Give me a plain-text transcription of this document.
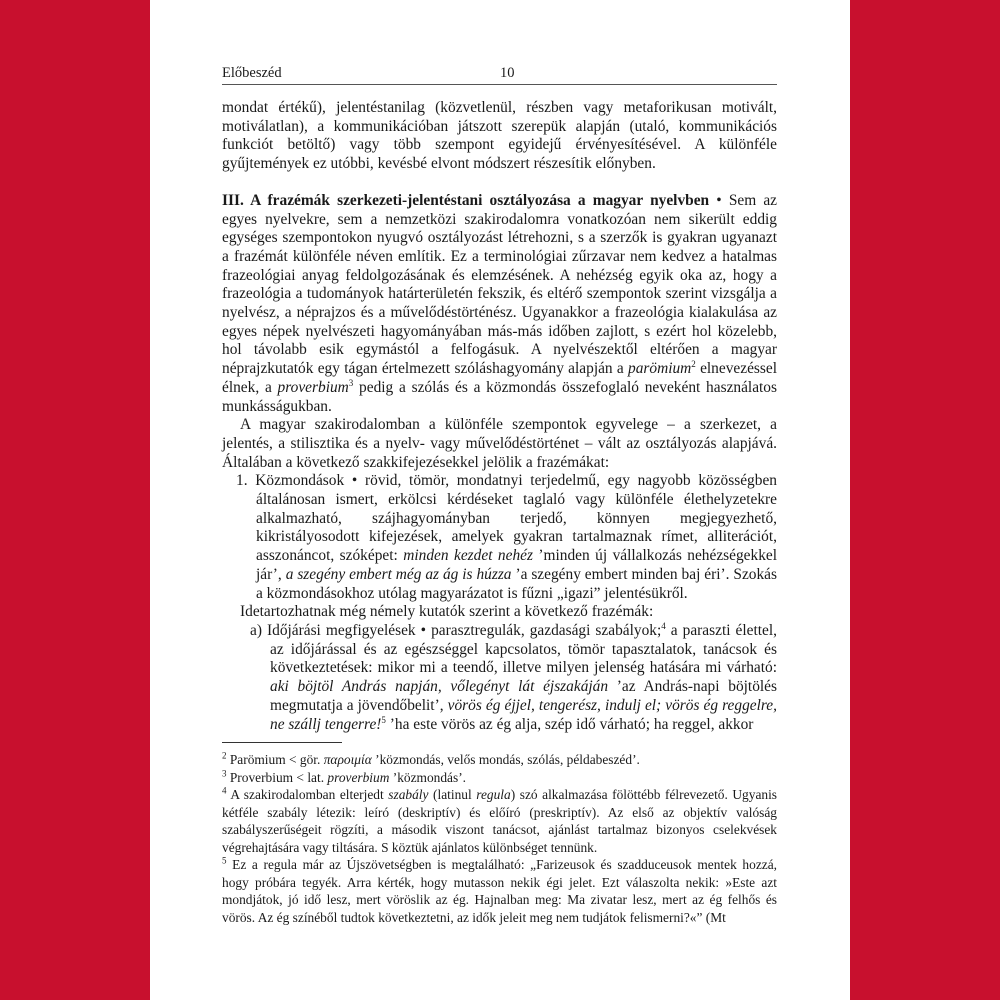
Előbeszéd	10

mondat értékű), jelentéstanilag (közvetlenül, részben vagy metaforikusan motivált, motiválatlan), a kommunikációban játszott szerepük alapján (utaló, kommunikációs funkciót betöltő) vagy több szempont egyidejű érvényesítésével. A különféle gyűjtemények ez utóbbi, kevésbé elvont módszert részesítik előnyben.

III. A frazémák szerkezeti-jelentéstani osztályozása a magyar nyelvben • Sem az egyes nyelvekre, sem a nemzetközi szakirodalomra vonatkozóan nem sikerült eddig egységes szempontokon nyugvó osztályozást létrehozni, s a szerzők is gyakran ugyanazt a frazémát különféle néven említik. Ez a terminológiai zűrzavar nem kedvez a hatalmas frazeológiai anyag feldolgozásának és elemzésének. A nehézség egyik oka az, hogy a frazeológia a tudományok határterületén fekszik, és eltérő szempontok szerint vizsgálja a nyelvész, a néprajzos és a művelődéstörténész. Ugyanakkor a frazeológia kialakulása az egyes népek nyelvészeti hagyományában más-más időben zajlott, s ezért hol közelebb, hol távolabb esik egymástól a felfogásuk. A nyelvészektől eltérően a magyar néprajzkutatók egy tágan értelmezett szóláshagyomány alapján a parömium$^2$ elnevezéssel élnek, a proverbium$^3$ pedig a szólás és a közmondás összefoglaló neveként használatos munkásságukban.

A magyar szakirodalomban a különféle szempontok egyvelege – a szerkezet, a jelentés, a stilisztika és a nyelv- vagy művelődéstörténet – vált az osztályozás alapjává. Általában a következő szakkifejezésekkel jelölik a frazémákat:

1. Közmondások • rövid, tömör, mondatnyi terjedelmű, egy nagyobb közösségben általánosan ismert, erkölcsi kérdéseket taglaló vagy különféle élethelyzetekre alkalmazható, szájhagyományban terjedő, könnyen megjegyezhető, kikristályosodott kifejezések, amelyek gyakran tartalmaznak rímet, alliterációt, asszonáncot, szóképet: minden kezdet nehéz ’minden új vállalkozás nehézségekkel jár’, a szegény embert még az ág is húzza ’a szegény embert minden baj éri’. Szokás a közmondásokhoz utólag magyarázatot is fűzni „igazi” jelentésükről.

Idetartozhatnak még némely kutatók szerint a következő frazémák:

a) Időjárási megfigyelések • parasztregulák, gazdasági szabályok;$^4$ a paraszti élettel, az időjárással és az egészséggel kapcsolatos, tömör tapasztalatok, tanácsok és következtetések: mikor mi a teendő, illetve milyen jelenség hatására mi várható: aki böjtöl András napján, vőlegényt lát éjszakáján ’az András-napi böjtölés megmutatja a jövendőbelit’, vörös ég éjjel, tengerész, indulj el; vörös ég reggelre, ne szállj tengerre!$^5$ ’ha este vörös az ég alja, szép idő várható; ha reggel, akkor

$^2$ Parömium < gör. παροιμία ’közmondás, velős mondás, szólás, példabeszéd’.

$^3$ Proverbium < lat. proverbium ’közmondás’.

$^4$ A szakirodalomban elterjedt szabály (latinul regula) szó alkalmazása fölöttébb félrevezető. Ugyanis kétféle szabály létezik: leíró (deskriptív) és előíró (preskriptív). Az első az objektív valóság szabályszerűségeit rögzíti, a második viszont tanácsot, ajánlást tartalmaz bizonyos cselekvések végrehajtására vagy tiltására. S köztük ajánlatos különbséget tennünk.

$^5$ Ez a regula már az Újszövetségben is megtalálható: „Farizeusok és szadduceusok mentek hozzá, hogy próbára tegyék. Arra kérték, hogy mutasson nekik égi jelet. Ezt válaszolta nekik: »Este azt mondjátok, jó idő lesz, mert vöröslik az ég. Hajnalban meg: Ma zivatar lesz, mert az ég felhős és vörös. Az ég színéből tudtok következtetni, az idők jeleit meg nem tudjátok felismerni?«” (Mt
